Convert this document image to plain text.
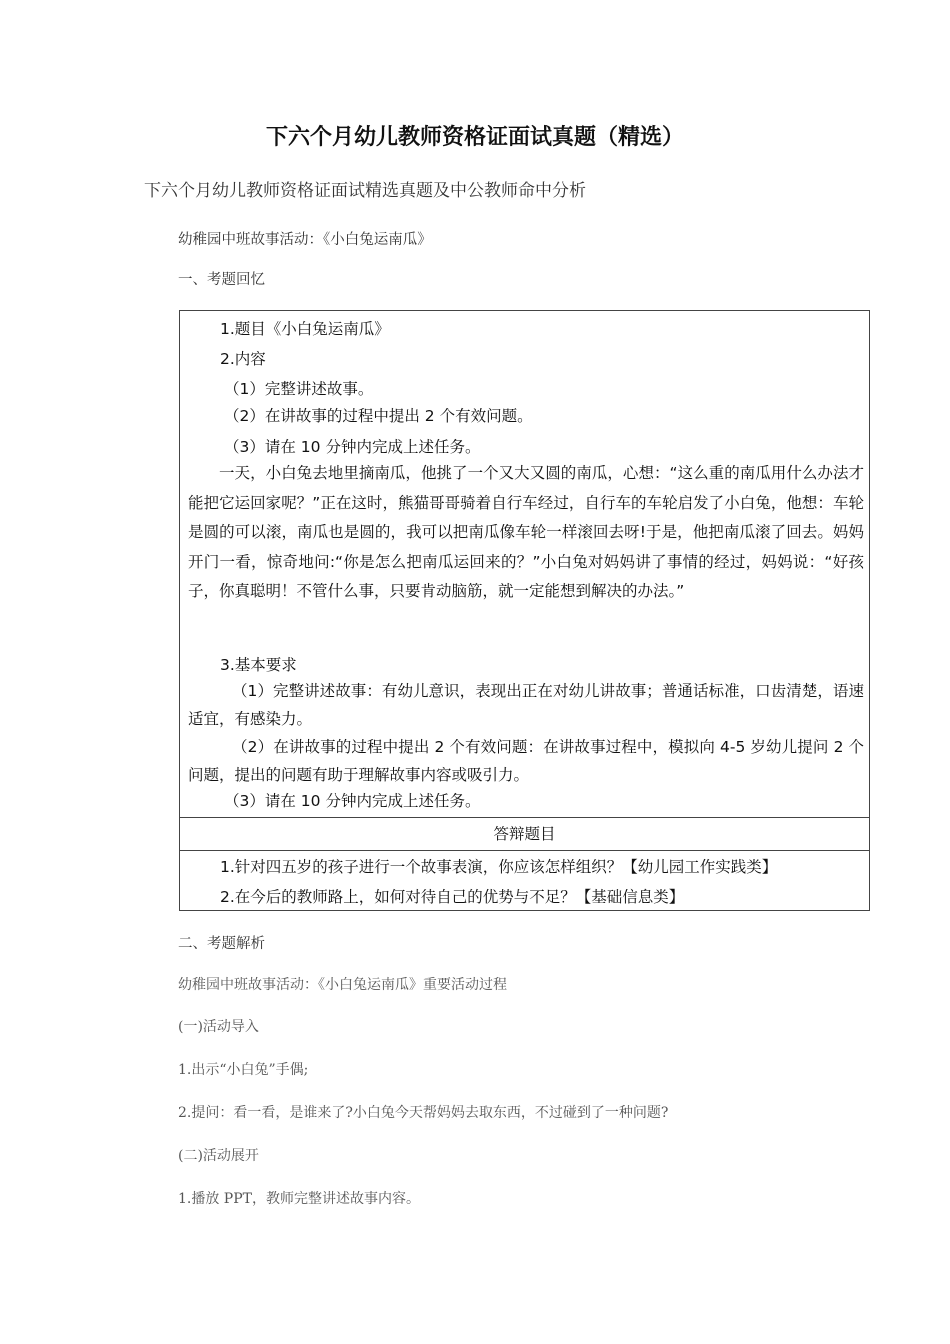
下六个月幼儿教师资格证面试真题（精选）
下六个月幼儿教师资格证面试精选真题及中公教师命中分析
幼稚园中班故事活动：《小白兔运南瓜》
一、考题回忆
1.题目《小白兔运南瓜》
2.内容
（1）完整讲述故事。
（2）在讲故事的过程中提出 2 个有效问题。
（3）请在 10 分钟内完成上述任务。
一天，小白兔去地里摘南瓜，他挑了一个又大又圆的南瓜，心想：“这么重的南瓜用什么办法才能把它运回家呢？”正在这时，熊猫哥哥骑着自行车经过，自行车的车轮启发了小白兔，他想：车轮是圆的可以滚，南瓜也是圆的，我可以把南瓜像车轮一样滚回去呀!于是，他把南瓜滚了回去。妈妈开门一看，惊奇地问:“你是怎么把南瓜运回来的？”小白兔对妈妈讲了事情的经过，妈妈说：“好孩子，你真聪明！不管什么事，只要肯动脑筋，就一定能想到解决的办法。”
3.基本要求
（1）完整讲述故事：有幼儿意识，表现出正在对幼儿讲故事；普通话标准，口齿清楚，语速适宜，有感染力。
（2）在讲故事的过程中提出 2 个有效问题：在讲故事过程中，模拟向 4-5 岁幼儿提问 2 个问题，提出的问题有助于理解故事内容或吸引力。
（3）请在 10 分钟内完成上述任务。
答辩题目
1.针对四五岁的孩子进行一个故事表演，你应该怎样组织？【幼儿园工作实践类】
2.在今后的教师路上，如何对待自己的优势与不足？【基础信息类】
二、考题解析
幼稚园中班故事活动：《小白兔运南瓜》重要活动过程
(一)活动导入
1.出示“小白兔”手偶;
2.提问：看一看，是谁来了?小白兔今天帮妈妈去取东西，不过碰到了一种问题?
(二)活动展开
1.播放 PPT，教师完整讲述故事内容。
